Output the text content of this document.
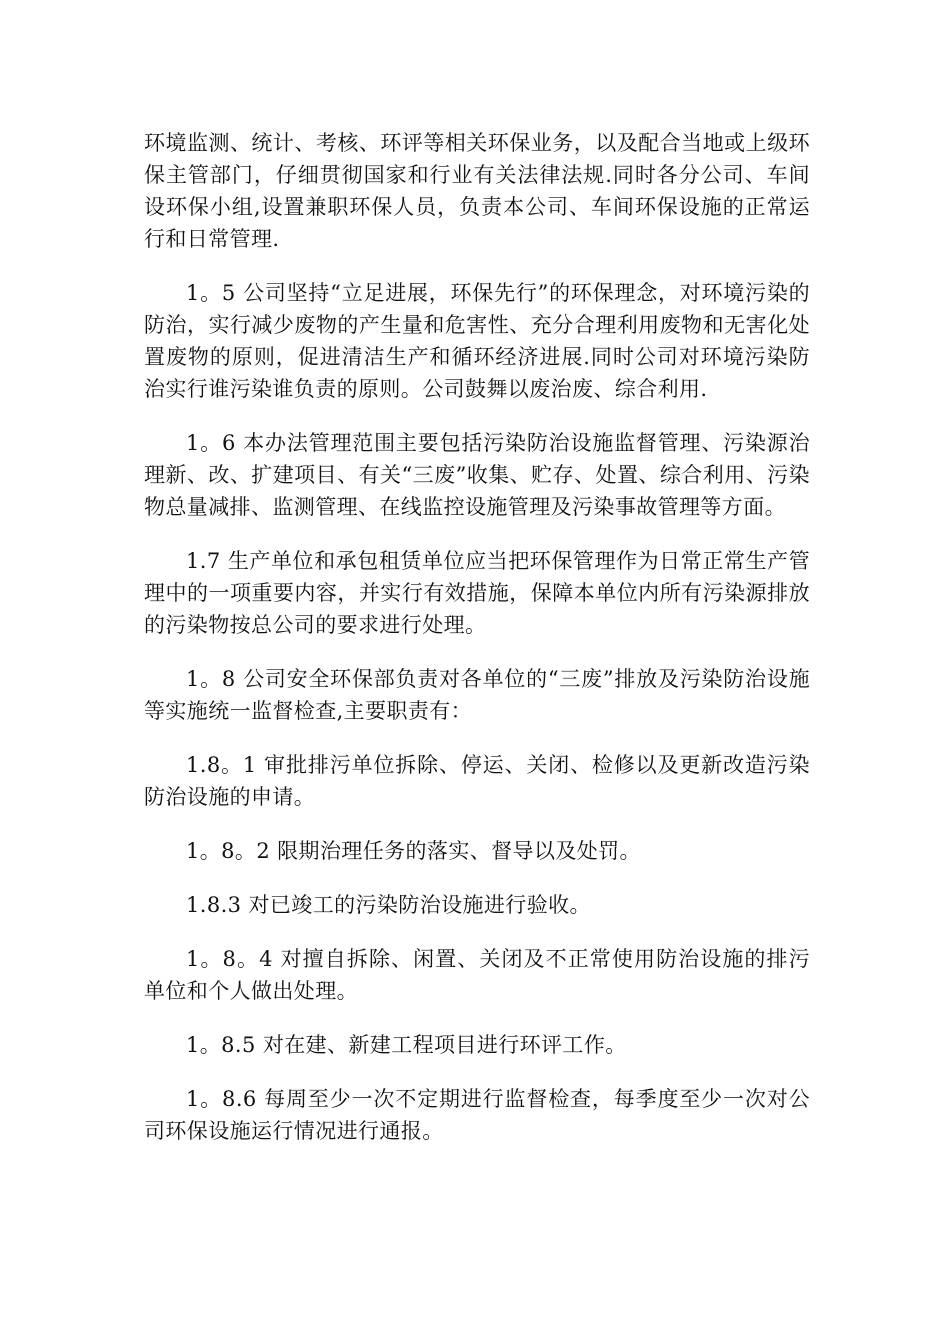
环境监测、统计、考核、环评等相关环保业务，以及配合当地或上级环保主管部门，仔细贯彻国家和行业有关法律法规.同时各分公司、车间设环保小组,设置兼职环保人员，负责本公司、车间环保设施的正常运行和日常管理.

1。5 公司坚持“立足进展，环保先行”的环保理念，对环境污染的防治，实行减少废物的产生量和危害性、充分合理利用废物和无害化处置废物的原则，促进清洁生产和循环经济进展.同时公司对环境污染防治实行谁污染谁负责的原则。公司鼓舞以废治废、综合利用.

1。6 本办法管理范围主要包括污染防治设施监督管理、污染源治理新、改、扩建项目、有关“三废”收集、贮存、处置、综合利用、污染物总量减排、监测管理、在线监控设施管理及污染事故管理等方面。

1.7 生产单位和承包租赁单位应当把环保管理作为日常正常生产管理中的一项重要内容，并实行有效措施，保障本单位内所有污染源排放的污染物按总公司的要求进行处理。

1。8 公司安全环保部负责对各单位的“三废”排放及污染防治设施等实施统一监督检查,主要职责有：

1.8。1 审批排污单位拆除、停运、关闭、检修以及更新改造污染防治设施的申请。

1。8。2 限期治理任务的落实、督导以及处罚。

1.8.3 对已竣工的污染防治设施进行验收。

1。8。4 对擅自拆除、闲置、关闭及不正常使用防治设施的排污单位和个人做出处理。

1。8.5 对在建、新建工程项目进行环评工作。

1。8.6 每周至少一次不定期进行监督检查，每季度至少一次对公司环保设施运行情况进行通报。
